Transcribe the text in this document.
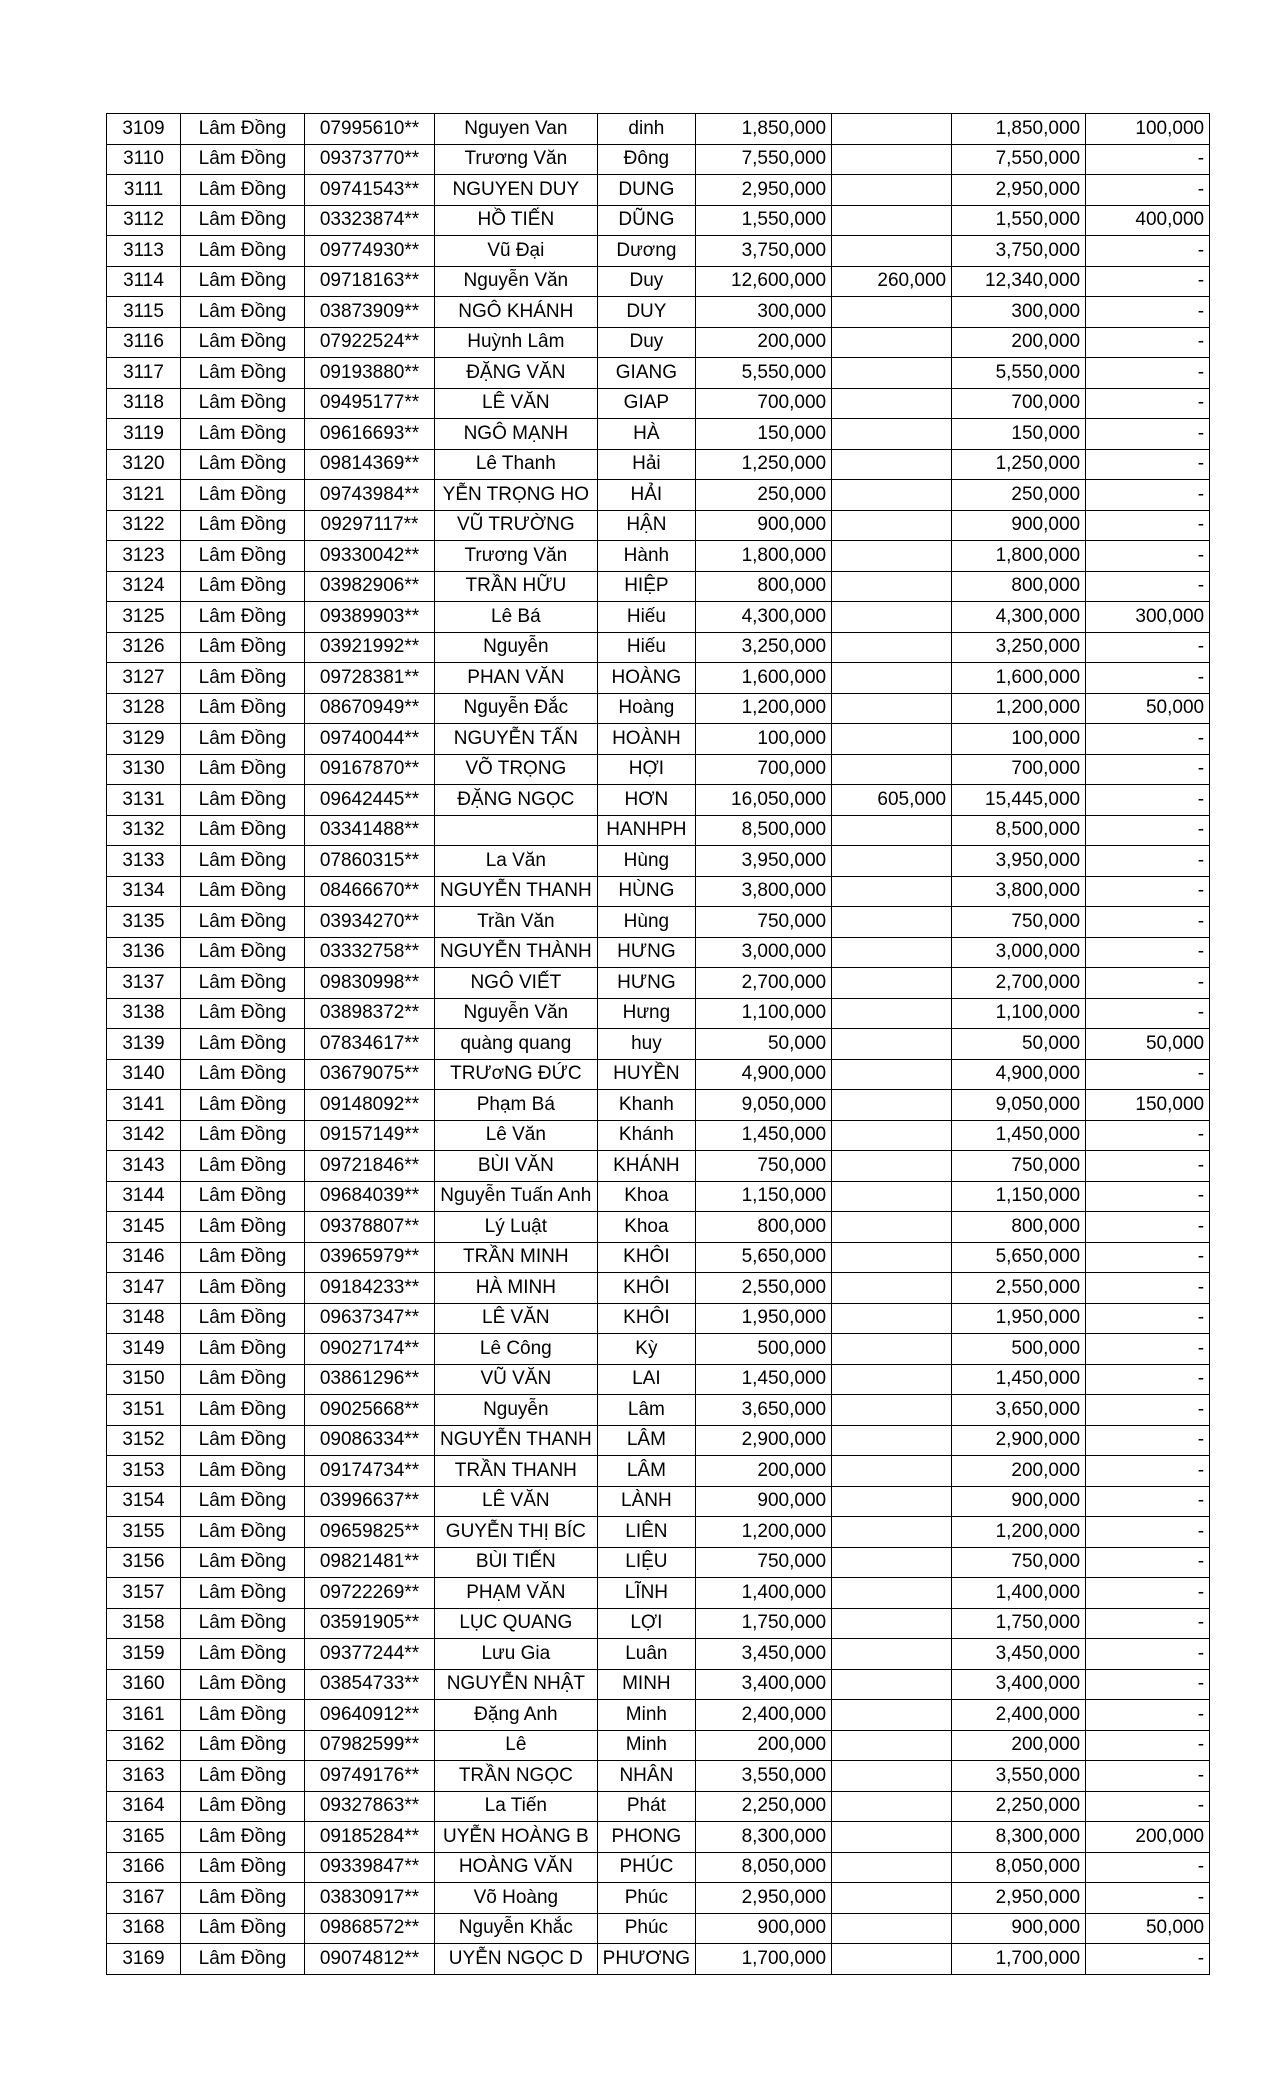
3109	Lâm Đồng	07995610**	Nguyen Van	dinh	1,850,000		1,850,000	100,000
3110	Lâm Đồng	09373770**	Trương Văn	Đông	7,550,000		7,550,000	-
3111	Lâm Đồng	09741543**	NGUYEN DUY	DUNG	2,950,000		2,950,000	-
3112	Lâm Đồng	03323874**	HỒ TIẾN	DŨNG	1,550,000		1,550,000	400,000
3113	Lâm Đồng	09774930**	Vũ Đại	Dương	3,750,000		3,750,000	-
3114	Lâm Đồng	09718163**	Nguyễn Văn	Duy	12,600,000	260,000	12,340,000	-
3115	Lâm Đồng	03873909**	NGÔ KHÁNH	DUY	300,000		300,000	-
3116	Lâm Đồng	07922524**	Huỳnh Lâm	Duy	200,000		200,000	-
3117	Lâm Đồng	09193880**	ĐẶNG VĂN	GIANG	5,550,000		5,550,000	-
3118	Lâm Đồng	09495177**	LÊ VĂN	GIAP	700,000		700,000	-
3119	Lâm Đồng	09616693**	NGÔ MẠNH	HÀ	150,000		150,000	-
3120	Lâm Đồng	09814369**	Lê Thanh	Hải	1,250,000		1,250,000	-
3121	Lâm Đồng	09743984**	YỄN TRỌNG HO	HẢI	250,000		250,000	-
3122	Lâm Đồng	09297117**	VŨ TRƯỜNG	HẬN	900,000		900,000	-
3123	Lâm Đồng	09330042**	Trương Văn	Hành	1,800,000		1,800,000	-
3124	Lâm Đồng	03982906**	TRẦN HỮU	HIỆP	800,000		800,000	-
3125	Lâm Đồng	09389903**	Lê Bá	Hiếu	4,300,000		4,300,000	300,000
3126	Lâm Đồng	03921992**	Nguyễn	Hiếu	3,250,000		3,250,000	-
3127	Lâm Đồng	09728381**	PHAN VĂN	HOÀNG	1,600,000		1,600,000	-
3128	Lâm Đồng	08670949**	Nguyễn Đắc	Hoàng	1,200,000		1,200,000	50,000
3129	Lâm Đồng	09740044**	NGUYỄN TẤN	HOÀNH	100,000		100,000	-
3130	Lâm Đồng	09167870**	VÕ TRỌNG	HỢI	700,000		700,000	-
3131	Lâm Đồng	09642445**	ĐẶNG NGỌC	HƠN	16,050,000	605,000	15,445,000	-
3132	Lâm Đồng	03341488**		HANHPH	8,500,000		8,500,000	-
3133	Lâm Đồng	07860315**	La Văn	Hùng	3,950,000		3,950,000	-
3134	Lâm Đồng	08466670**	NGUYỄN THANH	HÙNG	3,800,000		3,800,000	-
3135	Lâm Đồng	03934270**	Trần Văn	Hùng	750,000		750,000	-
3136	Lâm Đồng	03332758**	NGUYỄN THÀNH	HƯNG	3,000,000		3,000,000	-
3137	Lâm Đồng	09830998**	NGÔ VIẾT	HƯNG	2,700,000		2,700,000	-
3138	Lâm Đồng	03898372**	Nguyễn Văn	Hưng	1,100,000		1,100,000	-
3139	Lâm Đồng	07834617**	quàng quang	huy	50,000		50,000	50,000
3140	Lâm Đồng	03679075**	TRƯơNG ĐỨC	HUYỀN	4,900,000		4,900,000	-
3141	Lâm Đồng	09148092**	Phạm Bá	Khanh	9,050,000		9,050,000	150,000
3142	Lâm Đồng	09157149**	Lê Văn	Khánh	1,450,000		1,450,000	-
3143	Lâm Đồng	09721846**	BÙI VĂN	KHÁNH	750,000		750,000	-
3144	Lâm Đồng	09684039**	Nguyễn Tuấn Anh	Khoa	1,150,000		1,150,000	-
3145	Lâm Đồng	09378807**	Lý Luật	Khoa	800,000		800,000	-
3146	Lâm Đồng	03965979**	TRẦN MINH	KHÔI	5,650,000		5,650,000	-
3147	Lâm Đồng	09184233**	HÀ MINH	KHÔI	2,550,000		2,550,000	-
3148	Lâm Đồng	09637347**	LÊ VĂN	KHÔI	1,950,000		1,950,000	-
3149	Lâm Đồng	09027174**	Lê Công	Kỳ	500,000		500,000	-
3150	Lâm Đồng	03861296**	VŨ VĂN	LAI	1,450,000		1,450,000	-
3151	Lâm Đồng	09025668**	Nguyễn	Lâm	3,650,000		3,650,000	-
3152	Lâm Đồng	09086334**	NGUYỄN THANH	LÂM	2,900,000		2,900,000	-
3153	Lâm Đồng	09174734**	TRẦN THANH	LÂM	200,000		200,000	-
3154	Lâm Đồng	03996637**	LÊ VĂN	LÀNH	900,000		900,000	-
3155	Lâm Đồng	09659825**	GUYỄN THỊ BÍC	LIÊN	1,200,000		1,200,000	-
3156	Lâm Đồng	09821481**	BÙI TIẾN	LIỆU	750,000		750,000	-
3157	Lâm Đồng	09722269**	PHẠM VĂN	LĨNH	1,400,000		1,400,000	-
3158	Lâm Đồng	03591905**	LỤC QUANG	LỢI	1,750,000		1,750,000	-
3159	Lâm Đồng	09377244**	Lưu Gia	Luân	3,450,000		3,450,000	-
3160	Lâm Đồng	03854733**	NGUYỄN NHẬT	MINH	3,400,000		3,400,000	-
3161	Lâm Đồng	09640912**	Đặng Anh	Minh	2,400,000		2,400,000	-
3162	Lâm Đồng	07982599**	Lê	Minh	200,000		200,000	-
3163	Lâm Đồng	09749176**	TRẦN NGỌC	NHÂN	3,550,000		3,550,000	-
3164	Lâm Đồng	09327863**	La Tiến	Phát	2,250,000		2,250,000	-
3165	Lâm Đồng	09185284**	UYỄN HOÀNG B	PHONG	8,300,000		8,300,000	200,000
3166	Lâm Đồng	09339847**	HOÀNG VĂN	PHÚC	8,050,000		8,050,000	-
3167	Lâm Đồng	03830917**	Võ Hoàng	Phúc	2,950,000		2,950,000	-
3168	Lâm Đồng	09868572**	Nguyễn Khắc	Phúc	900,000		900,000	50,000
3169	Lâm Đồng	09074812**	UYỄN NGỌC D	PHƯƠNG	1,700,000		1,700,000	-
